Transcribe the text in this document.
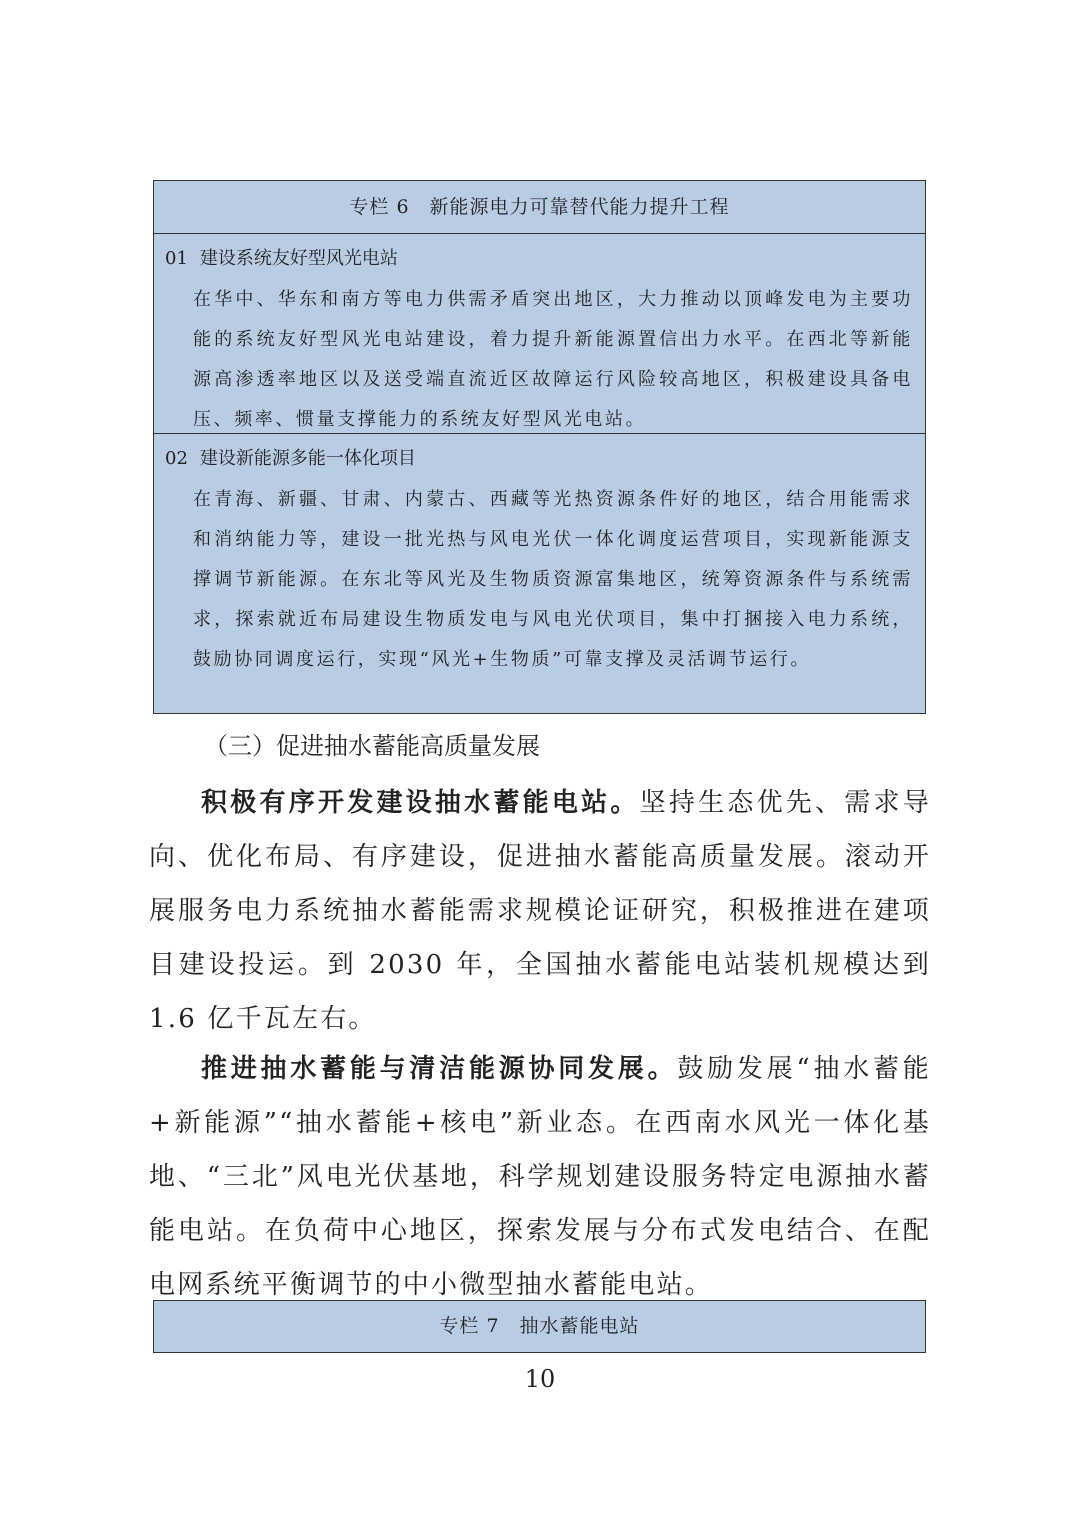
专栏 6　新能源电力可靠替代能力提升工程
01 建设系统友好型风光电站
在华中、华东和南方等电力供需矛盾突出地区，大力推动以顶峰发电为主要功能的系统友好型风光电站建设，着力提升新能源置信出力水平。在西北等新能源高渗透率地区以及送受端直流近区故障运行风险较高地区，积极建设具备电压、频率、惯量支撑能力的系统友好型风光电站。
02 建设新能源多能一体化项目
在青海、新疆、甘肃、内蒙古、西藏等光热资源条件好的地区，结合用能需求和消纳能力等，建设一批光热与风电光伏一体化调度运营项目，实现新能源支撑调节新能源。在东北等风光及生物质资源富集地区，统筹资源条件与系统需求，探索就近布局建设生物质发电与风电光伏项目，集中打捆接入电力系统，鼓励协同调度运行，实现“风光+生物质”可靠支撑及灵活调节运行。
（三）促进抽水蓄能高质量发展
积极有序开发建设抽水蓄能电站。坚持生态优先、需求导向、优化布局、有序建设，促进抽水蓄能高质量发展。滚动开展服务电力系统抽水蓄能需求规模论证研究，积极推进在建项目建设投运。到 2030 年，全国抽水蓄能电站装机规模达到 1.6 亿千瓦左右。
推进抽水蓄能与清洁能源协同发展。鼓励发展“抽水蓄能+新能源”“抽水蓄能+核电”新业态。在西南水风光一体化基地、“三北”风电光伏基地，科学规划建设服务特定电源抽水蓄能电站。在负荷中心地区，探索发展与分布式发电结合、在配电网系统平衡调节的中小微型抽水蓄能电站。
专栏 7　抽水蓄能电站
10
